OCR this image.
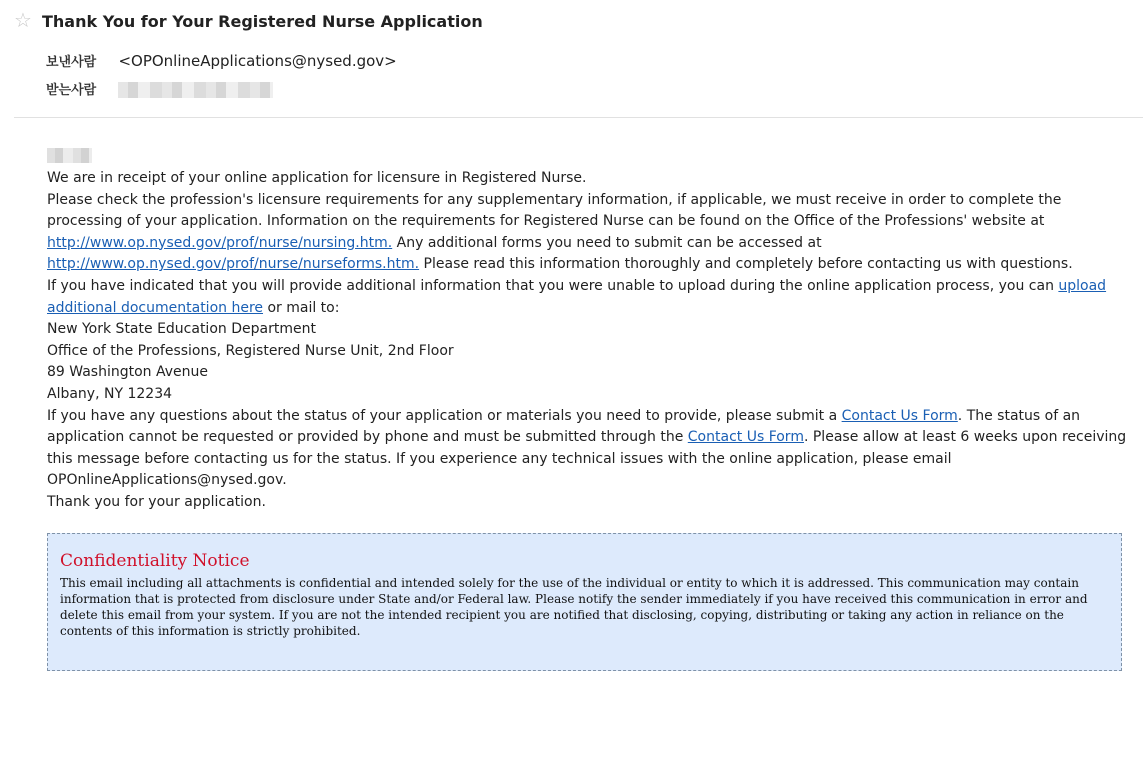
☆ Thank You for Your Registered Nurse Application
보낸사람 <OPOnlineApplications@nysed.gov>
받는사람

We are in receipt of your online application for licensure in Registered Nurse.

Please check the profession's licensure requirements for any supplementary information, if applicable, we must receive in order to complete the processing of your application. Information on the requirements for Registered Nurse can be found on the Office of the Professions' website at http://www.op.nysed.gov/prof/nurse/nursing.htm. Any additional forms you need to submit can be accessed at http://www.op.nysed.gov/prof/nurse/nurseforms.htm. Please read this information thoroughly and completely before contacting us with questions.

If you have indicated that you will provide additional information that you were unable to upload during the online application process, you can upload additional documentation here or mail to:

New York State Education Department

Office of the Professions, Registered Nurse Unit, 2nd Floor

89 Washington Avenue

Albany, NY 12234

If you have any questions about the status of your application or materials you need to provide, please submit a Contact Us Form. The status of an application cannot be requested or provided by phone and must be submitted through the Contact Us Form. Please allow at least 6 weeks upon receiving this message before contacting us for the status. If you experience any technical issues with the online application, please email OPOnlineApplications@nysed.gov.

Thank you for your application.

Confidentiality Notice

This email including all attachments is confidential and intended solely for the use of the individual or entity to which it is addressed. This communication may contain information that is protected from disclosure under State and/or Federal law. Please notify the sender immediately if you have received this communication in error and delete this email from your system. If you are not the intended recipient you are notified that disclosing, copying, distributing or taking any action in reliance on the contents of this information is strictly prohibited.
